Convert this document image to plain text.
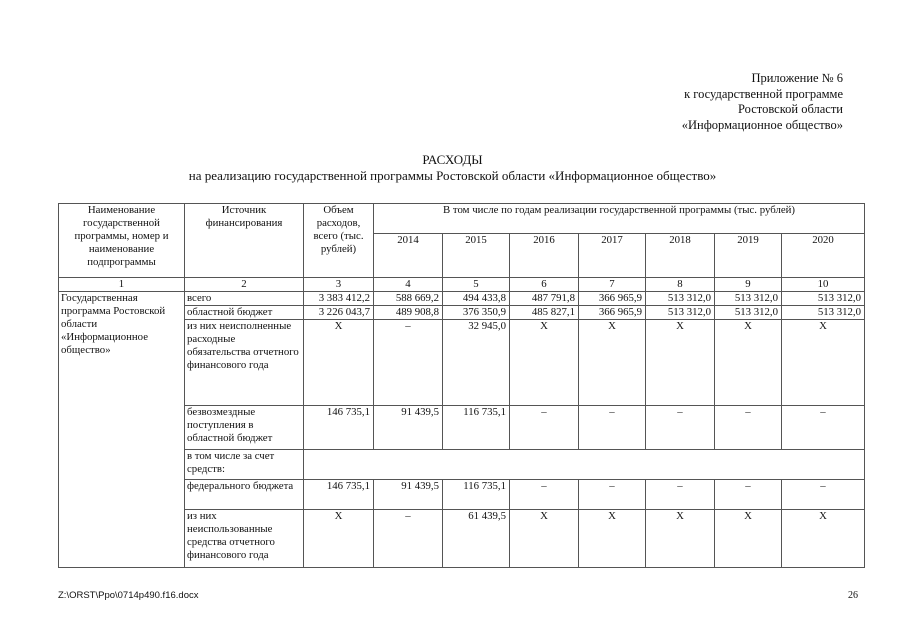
Приложение № 6
к государственной программе
Ростовской области
«Информационное общество»
РАСХОДЫ
на реализацию государственной программы Ростовской области «Информационное общество»
Наименование государственной программы, номер и наименование подпрограммы	Источник финансирования	Объем расходов, всего (тыс. рублей)	В том числе по годам реализации государственной программы (тыс. рублей)						
			2014	2015	2016	2017	2018	2019	2020
1	2	3	4	5	6	7	8	9	10
Государственная программа Ростовской области «Информационное общество»	всего	3 383 412,2	588 669,2	494 433,8	487 791,8	366 965,9	513 312,0	513 312,0	513 312,0
	областной бюджет	3 226 043,7	489 908,8	376 350,9	485 827,1	366 965,9	513 312,0	513 312,0	513 312,0
	из них неисполненные расходные обязательства отчетного финансового года	Х	–	32 945,0	Х	Х	Х	Х	Х
	безвозмездные поступления в областной бюджет	146 735,1	91 439,5	116 735,1	–	–	–	–	–
	в том числе за счет средств:								
	федерального бюджета	146 735,1	91 439,5	116 735,1	–	–	–	–	–
	из них неиспользованные средства отчетного финансового года	Х	–	61 439,5	Х	Х	Х	Х	Х
Z:\ORST\Ppo\0714p490.f16.docx	26
